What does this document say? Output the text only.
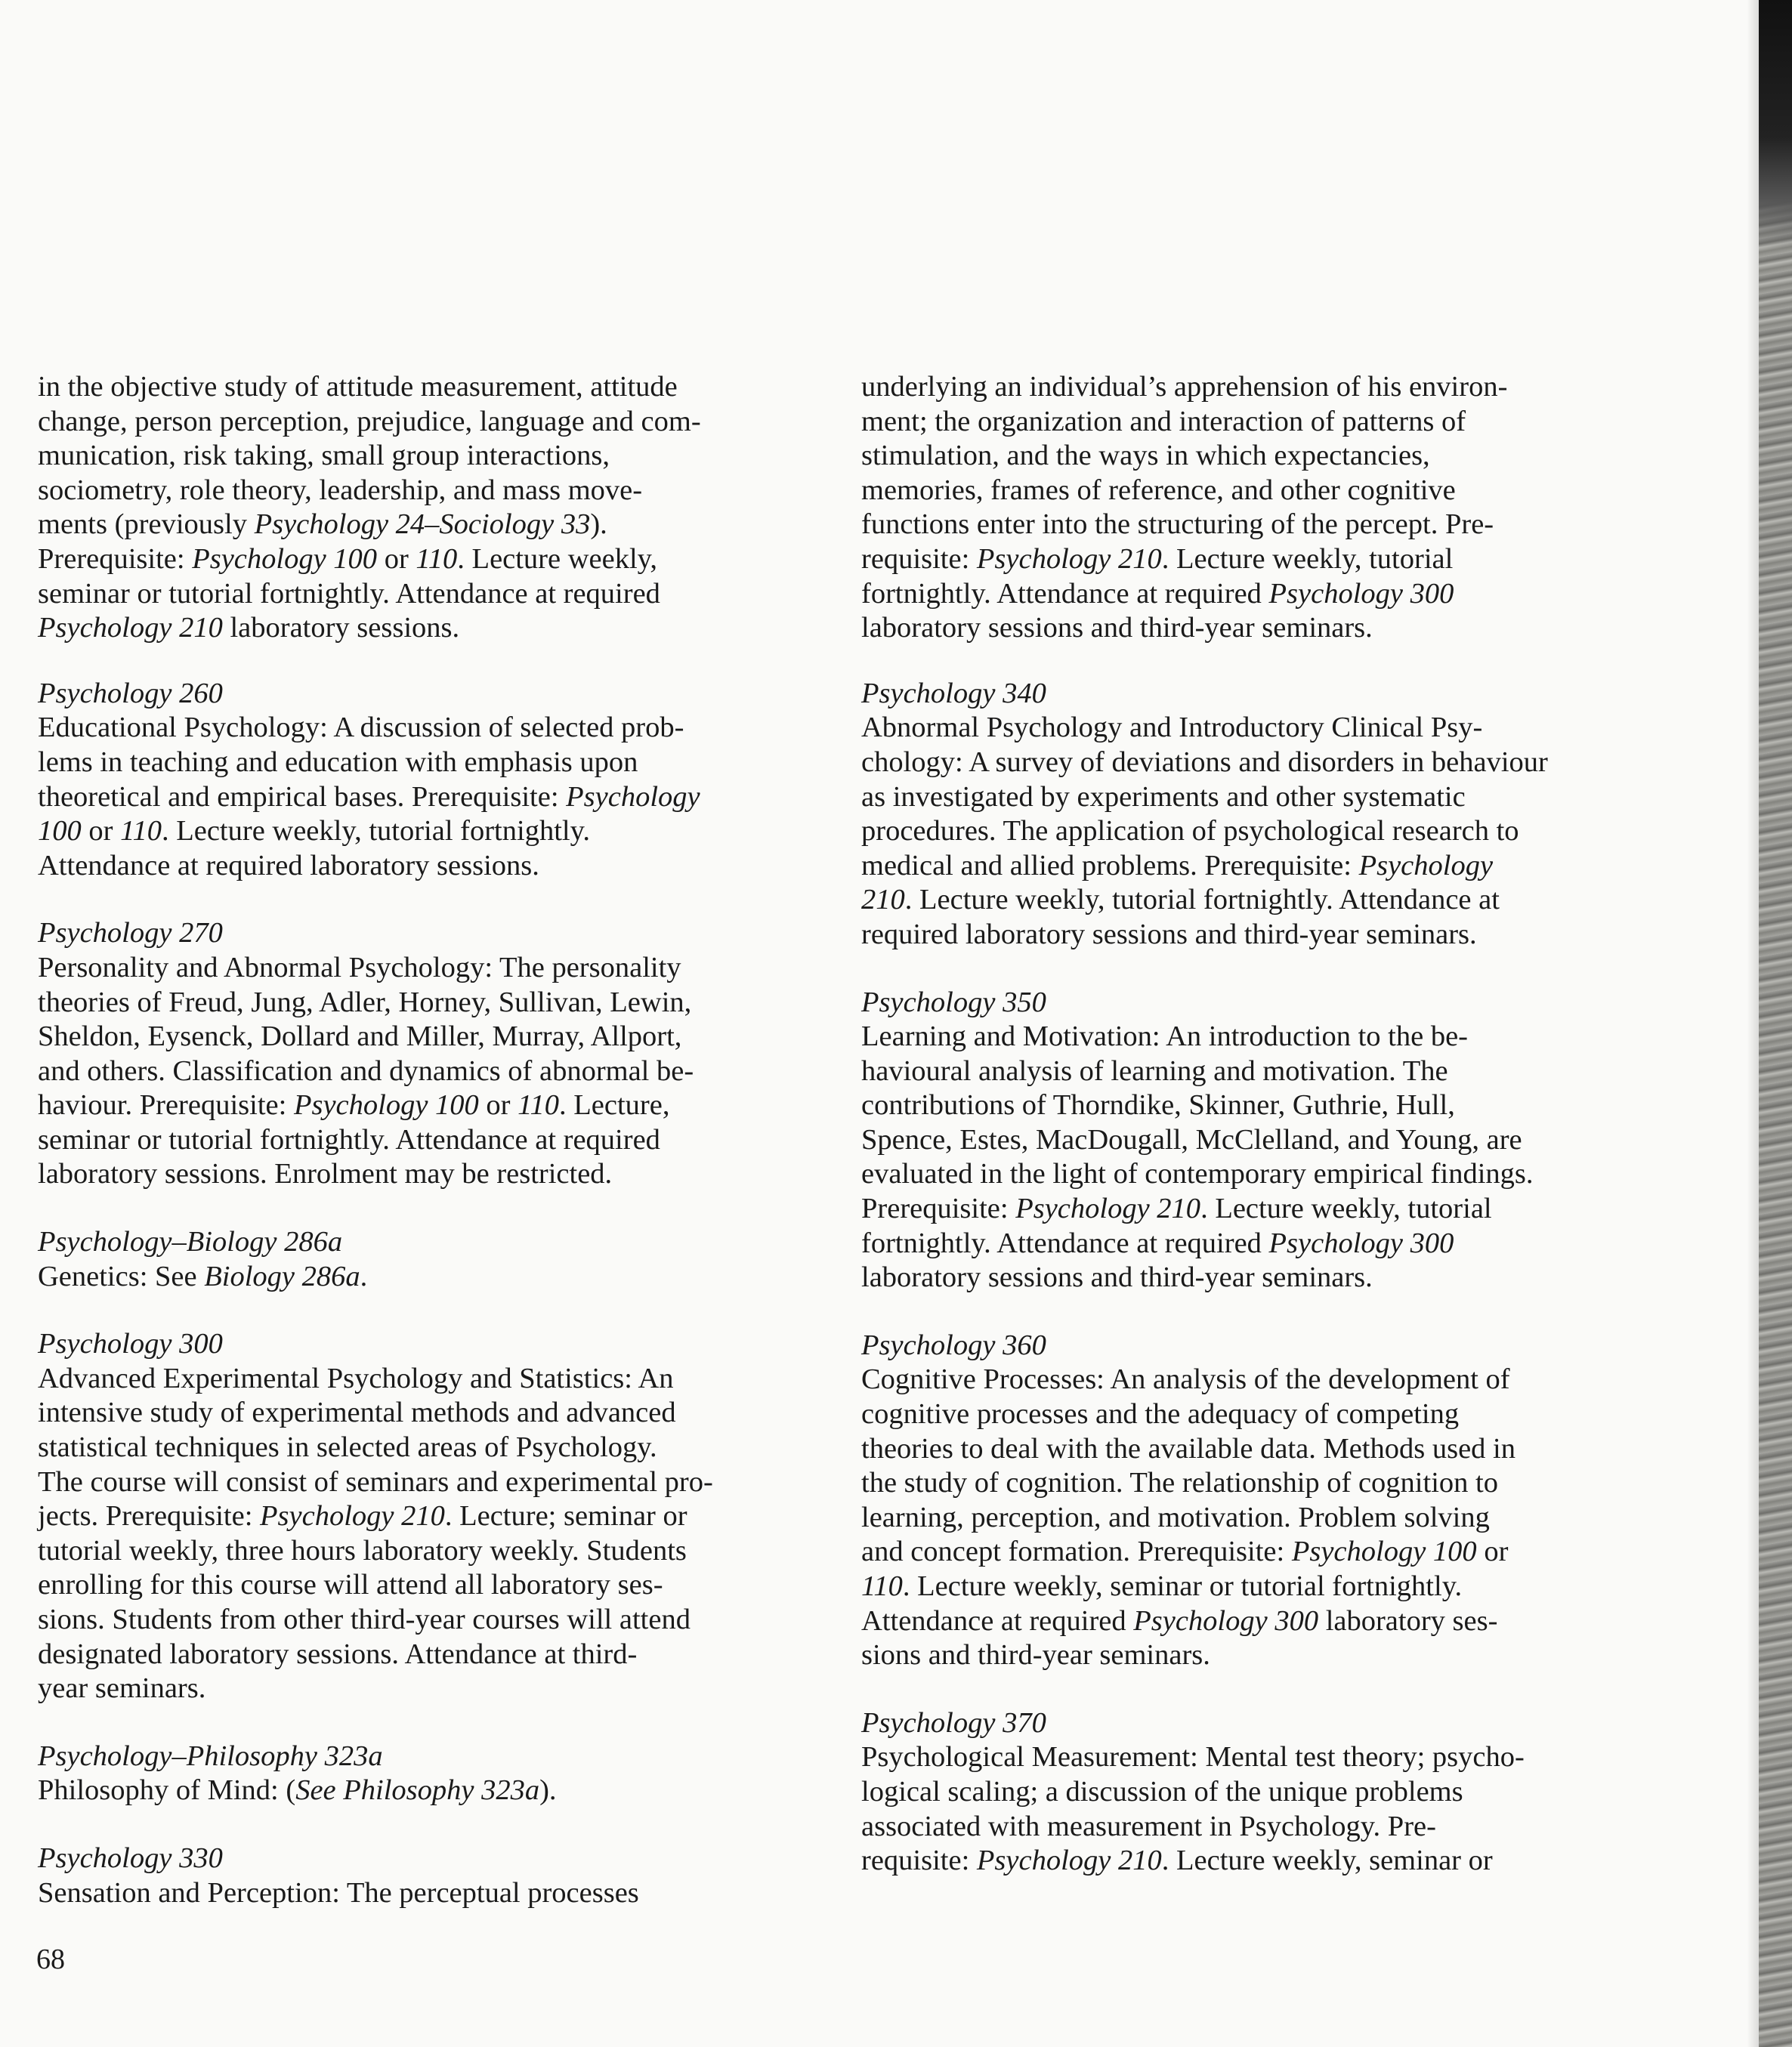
in the objective study of attitude measurement, attitude
change, person perception, prejudice, language and com-
munication, risk taking, small group interactions,
sociometry, role theory, leadership, and mass move-
ments (previously Psychology 24–Sociology 33).
Prerequisite: Psychology 100 or 110. Lecture weekly,
seminar or tutorial fortnightly. Attendance at required
Psychology 210 laboratory sessions.
Psychology 260
Educational Psychology: A discussion of selected prob-
lems in teaching and education with emphasis upon
theoretical and empirical bases. Prerequisite: Psychology
100 or 110. Lecture weekly, tutorial fortnightly.
Attendance at required laboratory sessions.
Psychology 270
Personality and Abnormal Psychology: The personality
theories of Freud, Jung, Adler, Horney, Sullivan, Lewin,
Sheldon, Eysenck, Dollard and Miller, Murray, Allport,
and others. Classification and dynamics of abnormal be-
haviour. Prerequisite: Psychology 100 or 110. Lecture,
seminar or tutorial fortnightly. Attendance at required
laboratory sessions. Enrolment may be restricted.
Psychology–Biology 286a
Genetics: See Biology 286a.
Psychology 300
Advanced Experimental Psychology and Statistics: An
intensive study of experimental methods and advanced
statistical techniques in selected areas of Psychology.
The course will consist of seminars and experimental pro-
jects. Prerequisite: Psychology 210. Lecture; seminar or
tutorial weekly, three hours laboratory weekly. Students
enrolling for this course will attend all laboratory ses-
sions. Students from other third-year courses will attend
designated laboratory sessions. Attendance at third-
year seminars.
Psychology–Philosophy 323a
Philosophy of Mind: (See Philosophy 323a).
Psychology 330
Sensation and Perception: The perceptual processes
underlying an individual’s apprehension of his environ-
ment; the organization and interaction of patterns of
stimulation, and the ways in which expectancies,
memories, frames of reference, and other cognitive
functions enter into the structuring of the percept. Pre-
requisite: Psychology 210. Lecture weekly, tutorial
fortnightly. Attendance at required Psychology 300
laboratory sessions and third-year seminars.
Psychology 340
Abnormal Psychology and Introductory Clinical Psy-
chology: A survey of deviations and disorders in behaviour
as investigated by experiments and other systematic
procedures. The application of psychological research to
medical and allied problems. Prerequisite: Psychology
210. Lecture weekly, tutorial fortnightly. Attendance at
required laboratory sessions and third-year seminars.
Psychology 350
Learning and Motivation: An introduction to the be-
havioural analysis of learning and motivation. The
contributions of Thorndike, Skinner, Guthrie, Hull,
Spence, Estes, MacDougall, McClelland, and Young, are
evaluated in the light of contemporary empirical findings.
Prerequisite: Psychology 210. Lecture weekly, tutorial
fortnightly. Attendance at required Psychology 300
laboratory sessions and third-year seminars.
Psychology 360
Cognitive Processes: An analysis of the development of
cognitive processes and the adequacy of competing
theories to deal with the available data. Methods used in
the study of cognition. The relationship of cognition to
learning, perception, and motivation. Problem solving
and concept formation. Prerequisite: Psychology 100 or
110. Lecture weekly, seminar or tutorial fortnightly.
Attendance at required Psychology 300 laboratory ses-
sions and third-year seminars.
Psychology 370
Psychological Measurement: Mental test theory; psycho-
logical scaling; a discussion of the unique problems
associated with measurement in Psychology. Pre-
requisite: Psychology 210. Lecture weekly, seminar or
68
